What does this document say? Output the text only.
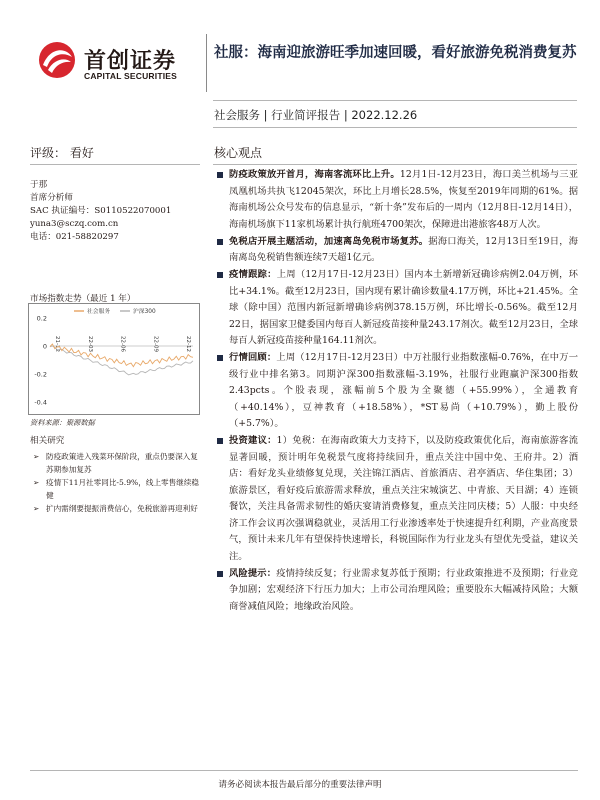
首创证券
CAPITAL SECURITIES
社服：海南迎旅游旺季加速回暖，看好旅游免税消费复苏
社会服务 | 行业简评报告 | 2022.12.26
评级： 看好
于那
首席分析师
SAC 执证编号：S0110522070001
yuna3@sczq.com.cn
电话：021-58820297
市场指数走势（最近 1 年）
0.2
0
-0.2
-0.4
21-12	22-03	22-06	22-09	22-12
社会服务	沪深300
资料来源：聚源数据
相关研究
➢ 防疫政策进入残菜环保阶段，重点仍要深入复苏期参加复苏
➢ 疫情下11月社零同比-5.9%，线上零售继续稳健
➢ 扩内需纲要提振消费信心，免税旅游再迎利好
核心观点
防疫政策放开首月，海南客流环比上升。12月1日-12月23日，海口美兰机场与三亚凤凰机场共执飞12045架次，环比上月增长28.5%，恢复至2019年同期的61%。据海南机场公众号发布的信息显示，“新十条”发布后的一周内（12月8日-12月14日），海南机场旗下11家机场累计执行航班4700架次，保障进出港旅客48万人次。
免税店开展主题活动，加速离岛免税市场复苏。据海口海关，12月13日至19日，海南离岛免税销售额连续7天超1亿元。
疫情跟踪：上周（12月17日-12月23日）国内本土新增新冠确诊病例2.04万例，环比+34.1%。截至12月23日，国内现有累计确诊数量4.17万例，环比+21.45%。全球（除中国）范围内新冠新增确诊病例378.15万例，环比增长-0.56%。截至12月22日，据国家卫健委国内每百人新冠疫苗接种量243.17剂次。截至12月23日，全球每百人新冠疫苗接种量164.11剂次。
行情回顾：上周（12月17日-12月23日）中万社服行业指数涨幅-0.76%，在中万一级行业中排名第3。同期沪深300指数涨幅-3.19%，社服行业跑赢沪深300指数2.43pcts。个股表现，涨幅前5个股为全聚德（+55.99%），全通教育（+40.14%），豆神教育（+18.58%），*ST易尚（+10.79%），勤上股份（+5.7%）。
投资建议：1）免税：在海南政策大力支持下，以及防疫政策优化后，海南旅游客流显著回暖，预计明年免税景气度将持续回升，重点关注中国中免、王府井。2）酒店：看好龙头业绩修复兑现，关注锦江酒店、首旅酒店、君亭酒店、华住集团；3）旅游景区，看好疫后旅游需求释放，重点关注宋城演艺、中青旅、天目湖；4）连锁餐饮，关注具备需求韧性的婚庆宴请消费修复，重点关注同庆楼；5）人服：中央经济工作会议再次强调稳就业，灵活用工行业渗透率处于快速提升红利期，产业高度景气，预计未来几年有望保持快速增长，科锐国际作为行业龙头有望优先受益，建议关注。
风险提示：疫情持续反复；行业需求复苏低于预期；行业政策推进不及预期；行业竞争加剧；宏观经济下行压力加大；上市公司治理风险；重要股东大幅减持风险；大额商誉减值风险；地缘政治风险。
请务必阅读本报告最后部分的重要法律声明
